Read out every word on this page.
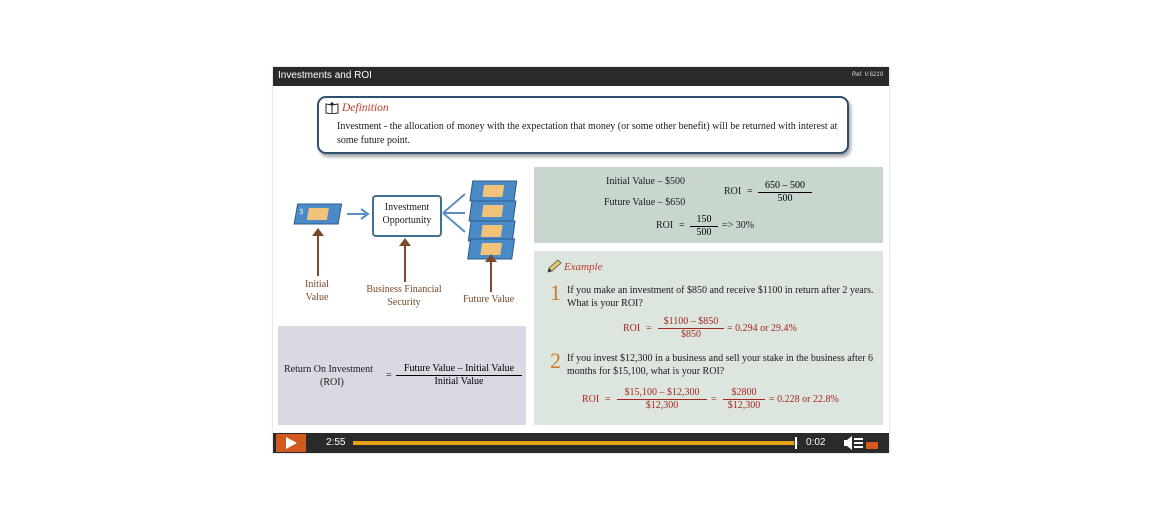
Investments and ROI	Ref. V.6219
Definition
Investment - the allocation of money with the expectation that money (or some other benefit) will be returned with interest at some future point.
5	Investment Opportunity
Initial Value
Business Financial Security	Future Value
Return On Investment
(ROI)
=
Future Value – Initial Value
Initial Value
Initial Value – $500
Future Value – $650
ROI = $\frac{650 - 500}{500}$
ROI = $\frac{150}{500} => 30\%$
Example
1 If you make an investment of $850 and receive $1100 in return after 2 years. What is your ROI?
ROI = $\frac{\$1100 - \$850}{\$850} = 0.294$ or 29.4%
2 If you invest $12,300 in a business and sell your stake in the business after 6 months for $15,100, what is your ROI?
ROI = $\frac{\$15,100 - \$12,300}{\$12,300} = \frac{\$2800}{\$12,300} = 0.228$ or 22.8%
2:55	0:02
